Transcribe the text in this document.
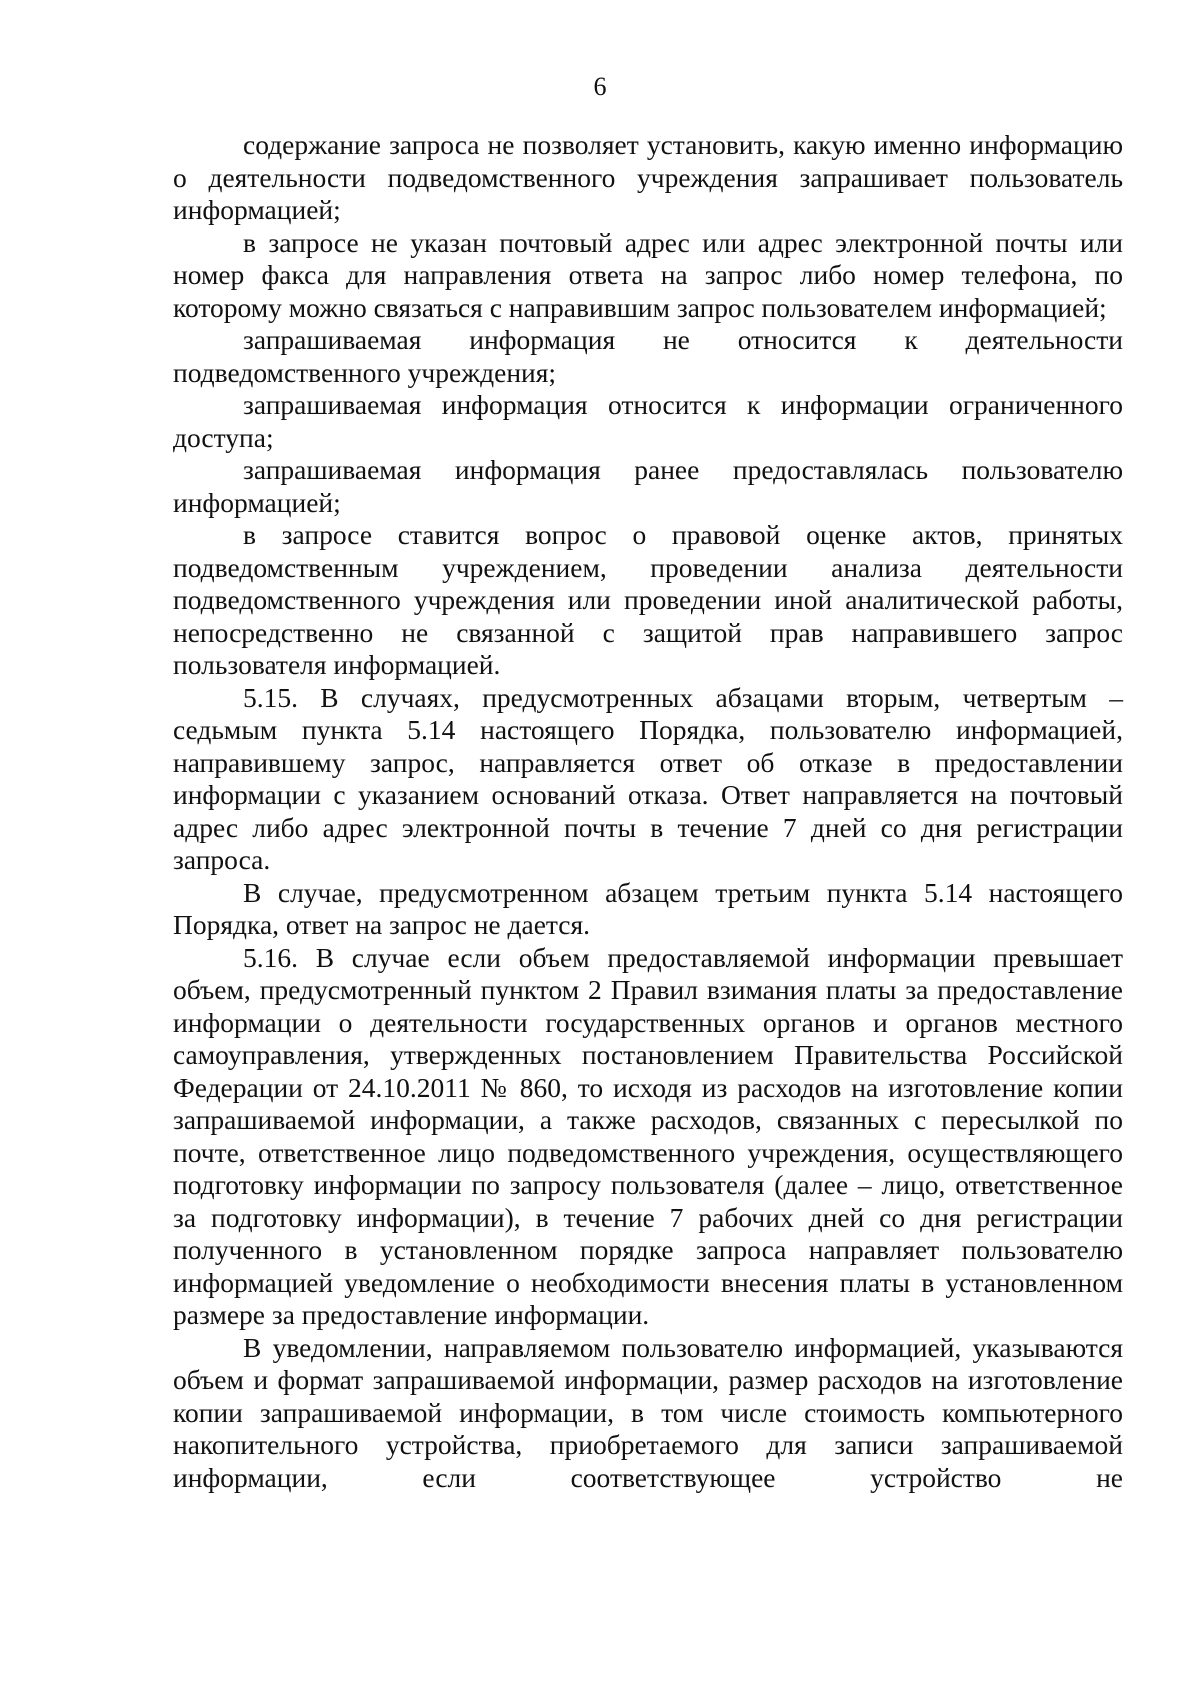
6

содержание запроса не позволяет установить, какую именно информацию о деятельности подведомственного учреждения запрашивает пользователь информацией;

в запросе не указан почтовый адрес или адрес электронной почты или номер факса для направления ответа на запрос либо номер телефона, по которому можно связаться с направившим запрос пользователем информацией;

запрашиваемая информация не относится к деятельности подведомственного учреждения;

запрашиваемая информация относится к информации ограниченного доступа;

запрашиваемая информация ранее предоставлялась пользователю информацией;

в запросе ставится вопрос о правовой оценке актов, принятых подведомственным учреждением, проведении анализа деятельности подведомственного учреждения или проведении иной аналитической работы, непосредственно не связанной с защитой прав направившего запрос пользователя информацией.

5.15. В случаях, предусмотренных абзацами вторым, четвертым – седьмым пункта 5.14 настоящего Порядка, пользователю информацией, направившему запрос, направляется ответ об отказе в предоставлении информации с указанием оснований отказа. Ответ направляется на почтовый адрес либо адрес электронной почты в течение 7 дней со дня регистрации запроса.

В случае, предусмотренном абзацем третьим пункта 5.14 настоящего Порядка, ответ на запрос не дается.

5.16. В случае если объем предоставляемой информации превышает объем, предусмотренный пунктом 2 Правил взимания платы за предоставление информации о деятельности государственных органов и органов местного самоуправления, утвержденных постановлением Правительства Российской Федерации от 24.10.2011 № 860, то исходя из расходов на изготовление копии запрашиваемой информации, а также расходов, связанных с пересылкой по почте, ответственное лицо подведомственного учреждения, осуществляющего подготовку информации по запросу пользователя (далее – лицо, ответственное за подготовку информации), в течение 7 рабочих дней со дня регистрации полученного в установленном порядке запроса направляет пользователю информацией уведомление о необходимости внесения платы в установленном размере за предоставление информации.

В уведомлении, направляемом пользователю информацией, указываются объем и формат запрашиваемой информации, размер расходов на изготовление копии запрашиваемой информации, в том числе стоимость компьютерного накопительного устройства, приобретаемого для записи запрашиваемой информации, если соответствующее устройство не
